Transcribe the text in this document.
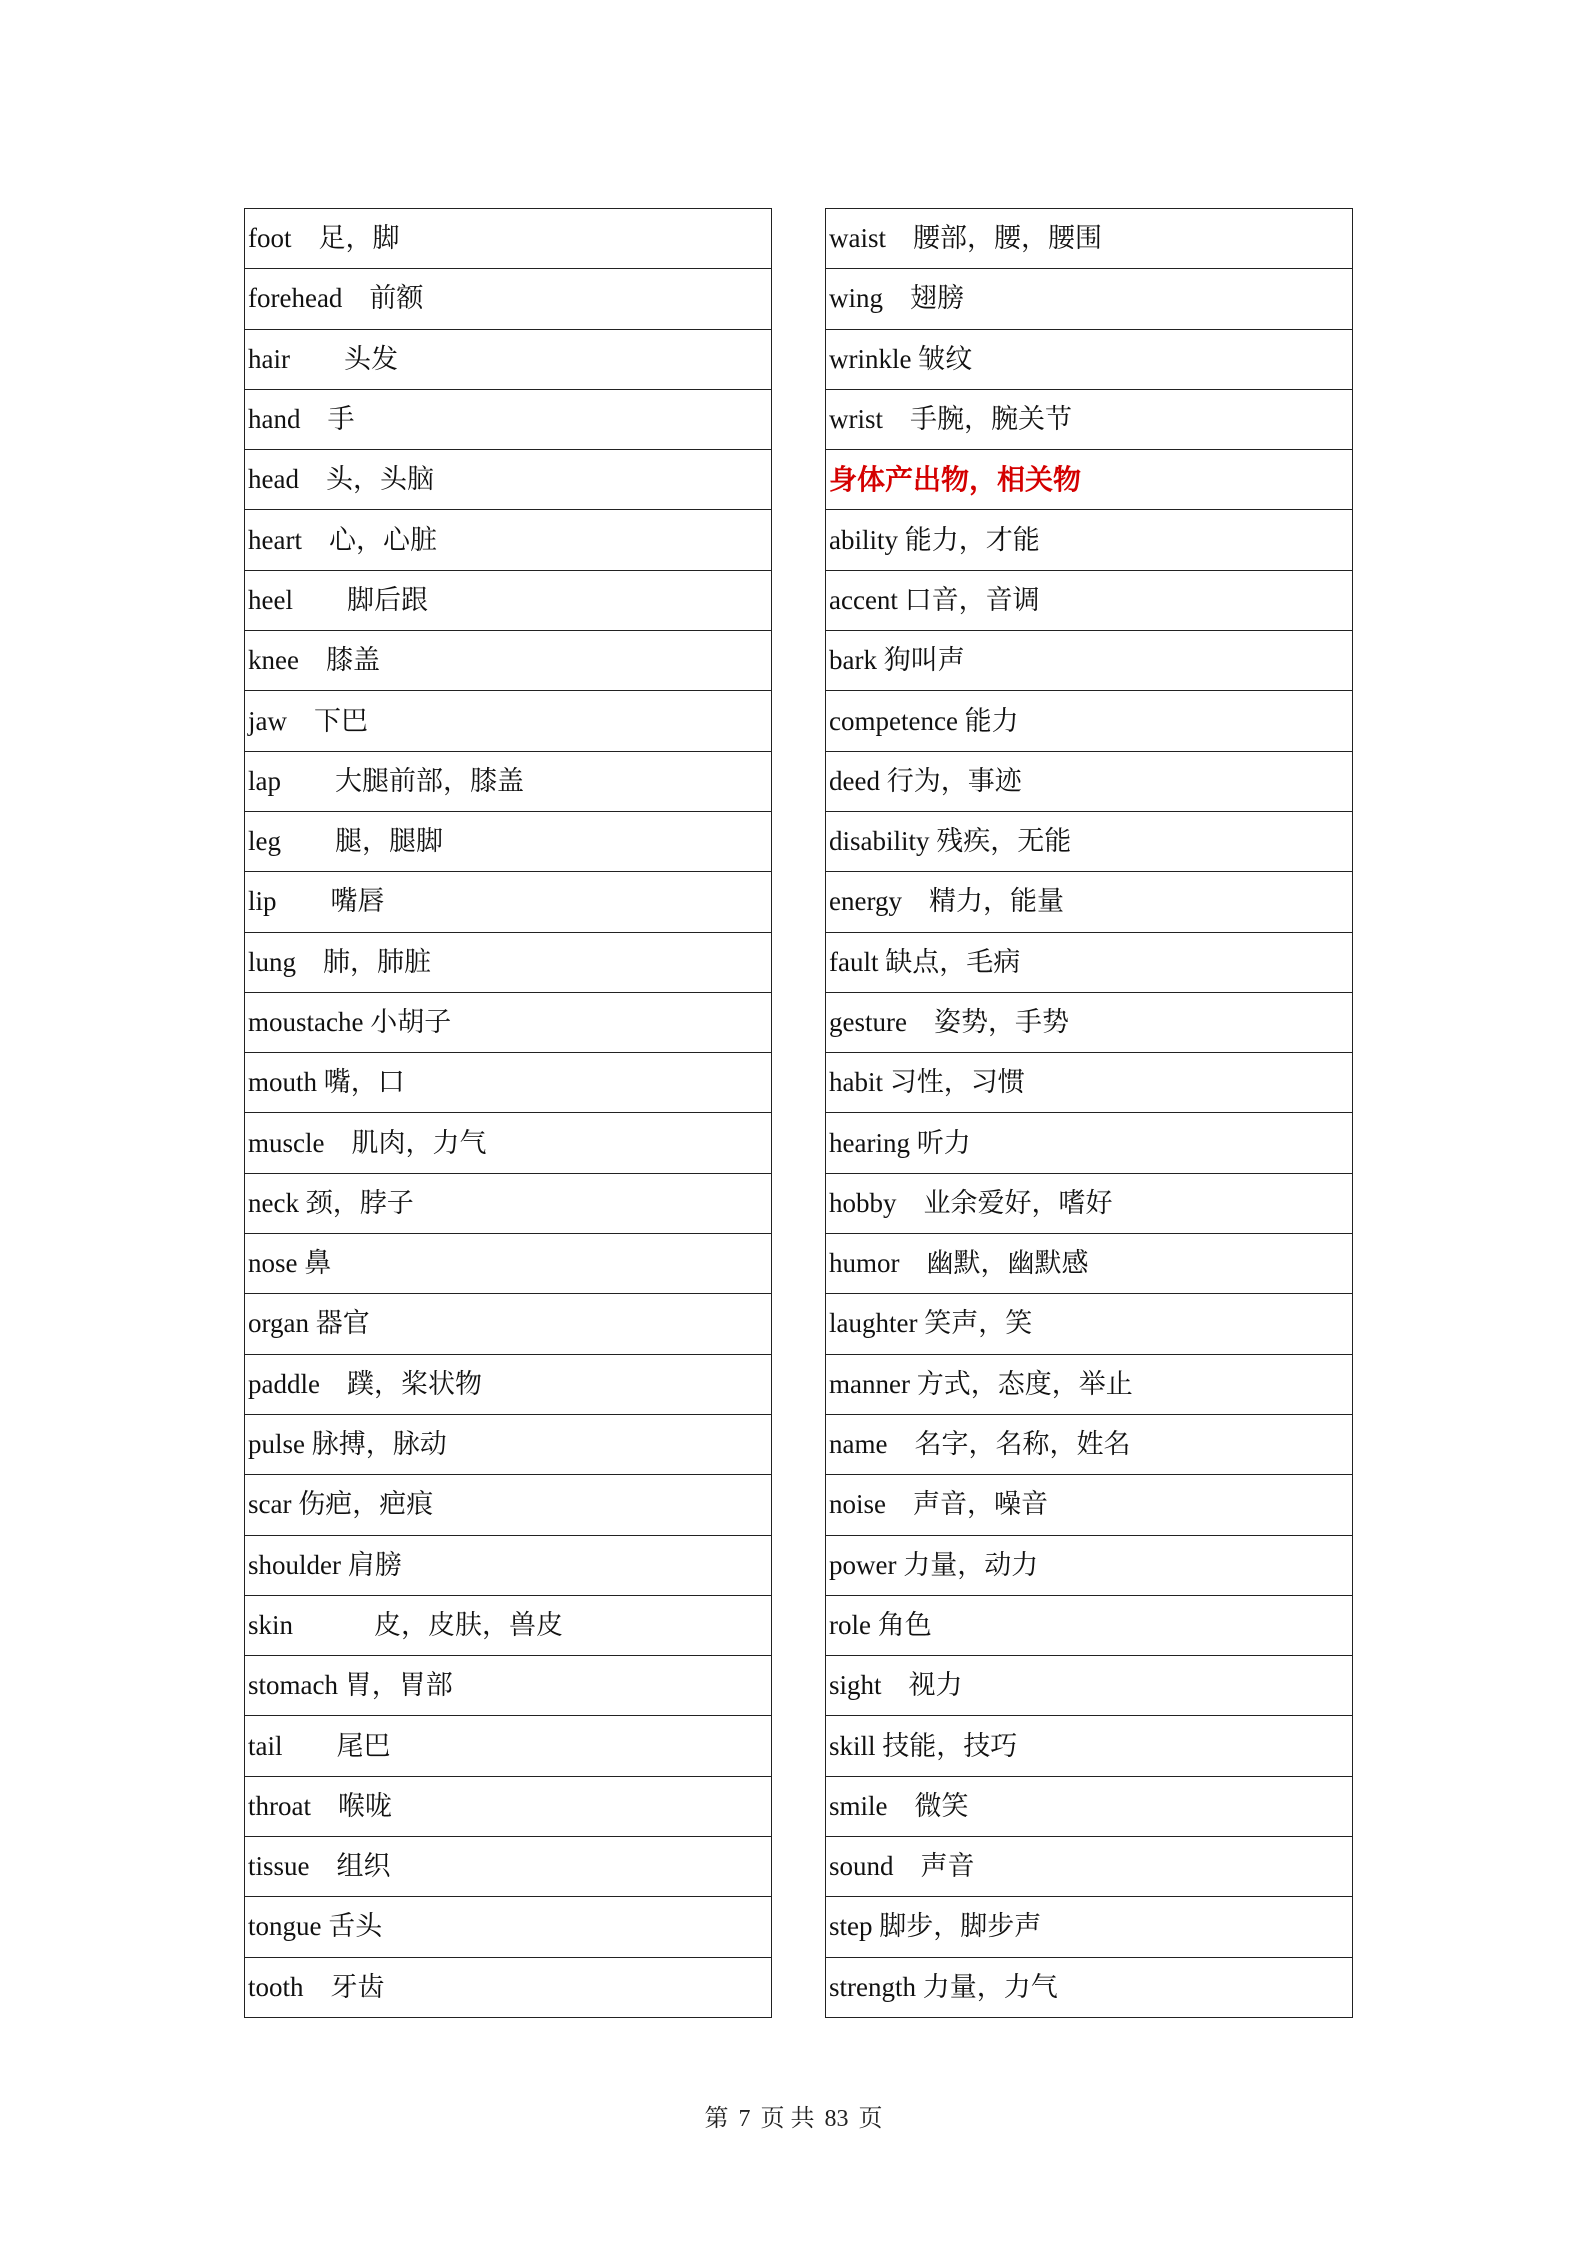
foot　足，脚
forehead　前额
hair　　头发
hand　手
head　头，头脑
heart　心，心脏
heel　　脚后跟
knee　膝盖
jaw　下巴
lap　　大腿前部，膝盖
leg　　腿，腿脚
lip　　嘴唇
lung　肺，肺脏
moustache 小胡子
mouth 嘴，口
muscle　肌肉，力气
neck 颈，脖子
nose 鼻
organ 器官
paddle　蹼，桨状物
pulse 脉搏，脉动
scar 伤疤，疤痕
shoulder 肩膀
skin　　　皮，皮肤，兽皮
stomach 胃，胃部
tail　　尾巴
throat　喉咙
tissue　组织
tongue 舌头
tooth　牙齿
waist　腰部，腰，腰围
wing　翅膀
wrinkle 皱纹
wrist　手腕，腕关节
身体产出物，相关物
ability 能力，才能
accent 口音，音调
bark 狗叫声
competence 能力
deed 行为，事迹
disability 残疾，无能
energy　精力，能量
fault 缺点，毛病
gesture　姿势，手势
habit 习性，习惯
hearing 听力
hobby　业余爱好，嗜好
humor　幽默，幽默感
laughter 笑声，笑
manner 方式，态度，举止
name　名字，名称，姓名
noise　声音，噪音
power 力量，动力
role 角色
sight　视力
skill 技能，技巧
smile　微笑
sound　声音
step 脚步，脚步声
strength 力量，力气
第 7 页 共 83 页
